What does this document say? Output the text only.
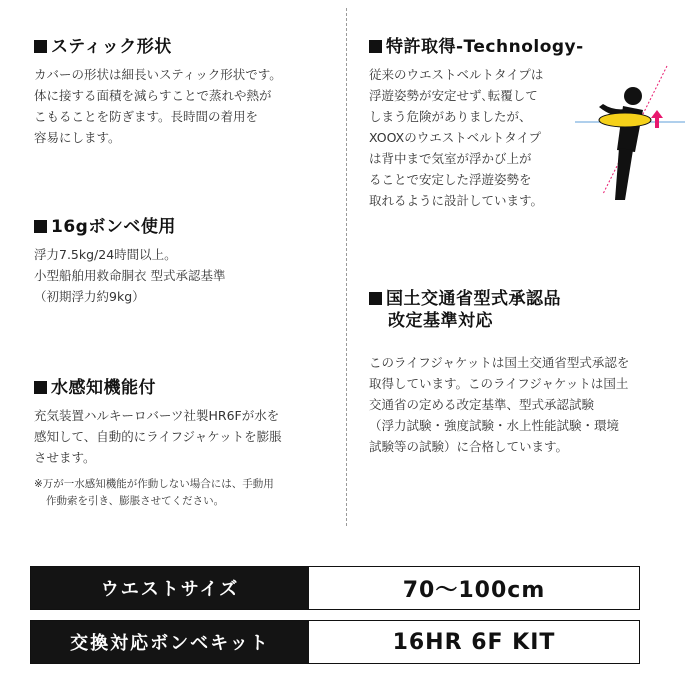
スティック形状

カバーの形状は細長いスティック形状です。

体に接する面積を減らすことで蒸れや熱が

こもることを防ぎます。長時間の着用を

容易にします。

16gボンベ使用

浮力7.5kg/24時間以上。

小型船舶用救命胴衣 型式承認基準

（初期浮力約9kg）

水感知機能付

充気装置ハルキーロバーツ社製HR6Fが水を

感知して、自動的にライフジャケットを膨脹

させます。

※万が一水感知機能が作動しない場合には、手動用

作動索を引き、膨脹させてください。

特許取得-Technology-

従来のウエストベルトタイプは

浮遊姿勢が安定せず､転覆して

しまう危険がありましたが、

XOOXのウエストベルトタイプ

は背中まで気室が浮かび上が

ることで安定した浮遊姿勢を

取れるように設計しています。

国土交通省型式承認品
改定基準対応

このライフジャケットは国土交通省型式承認を

取得しています。このライフジャケットは国土

交通省の定める改定基準、型式承認試験

（浮力試験・強度試験・水上性能試験・環境

試験等の試験）に合格しています。

ウエストサイズ	70〜100cm
交換対応ボンベキット	16HR 6F KIT
